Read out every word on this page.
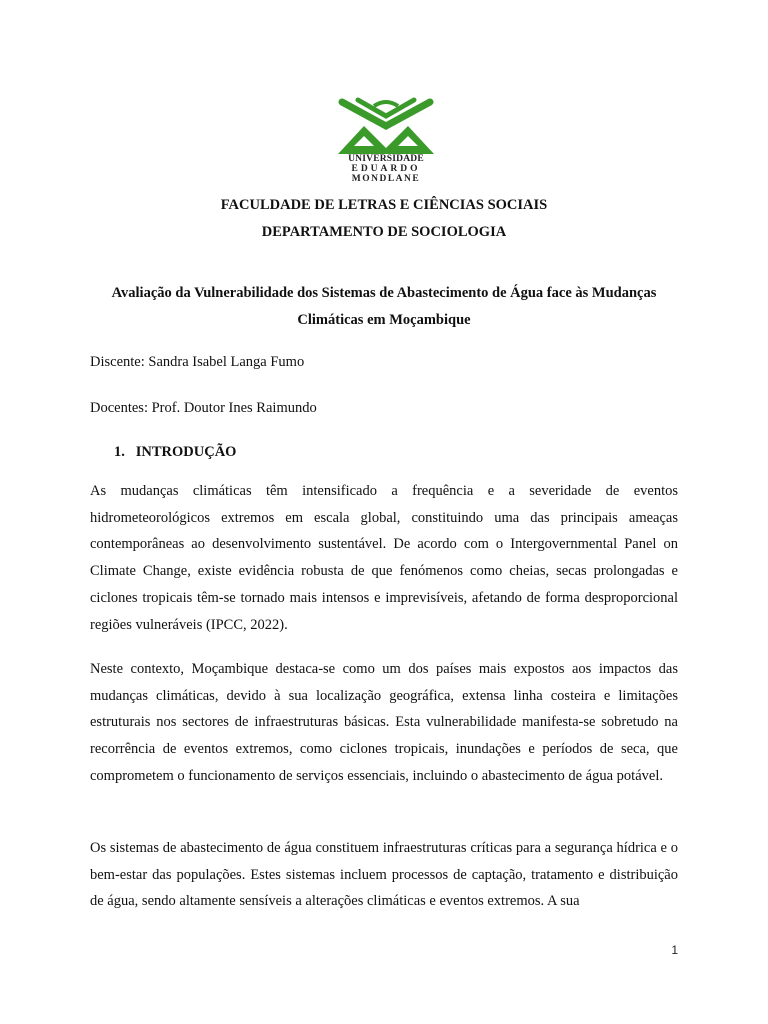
UNIVERSIDADE
EDUARDO
MONDLANE
FACULDADE DE LETRAS E CIÊNCIAS SOCIAIS
DEPARTAMENTO DE SOCIOLOGIA
Avaliação da Vulnerabilidade dos Sistemas de Abastecimento de Água face às Mudanças
Climáticas em Moçambique
Discente: Sandra Isabel Langa Fumo
Docentes: Prof. Doutor Ines Raimundo
1.   INTRODUÇÃO
As mudanças climáticas têm intensificado a frequência e a severidade de eventos hidrometeorológicos extremos em escala global, constituindo uma das principais ameaças contemporâneas ao desenvolvimento sustentável. De acordo com o Intergovernmental Panel on Climate Change, existe evidência robusta de que fenómenos como cheias, secas prolongadas e ciclones tropicais têm-se tornado mais intensos e imprevisíveis, afetando de forma desproporcional regiões vulneráveis (IPCC, 2022).
Neste contexto, Moçambique destaca-se como um dos países mais expostos aos impactos das mudanças climáticas, devido à sua localização geográfica, extensa linha costeira e limitações estruturais nos sectores de infraestruturas básicas. Esta vulnerabilidade manifesta-se sobretudo na recorrência de eventos extremos, como ciclones tropicais, inundações e períodos de seca, que comprometem o funcionamento de serviços essenciais, incluindo o abastecimento de água potável.
Os sistemas de abastecimento de água constituem infraestruturas críticas para a segurança hídrica e o bem-estar das populações. Estes sistemas incluem processos de captação, tratamento e distribuição de água, sendo altamente sensíveis a alterações climáticas e eventos extremos. A sua
1
